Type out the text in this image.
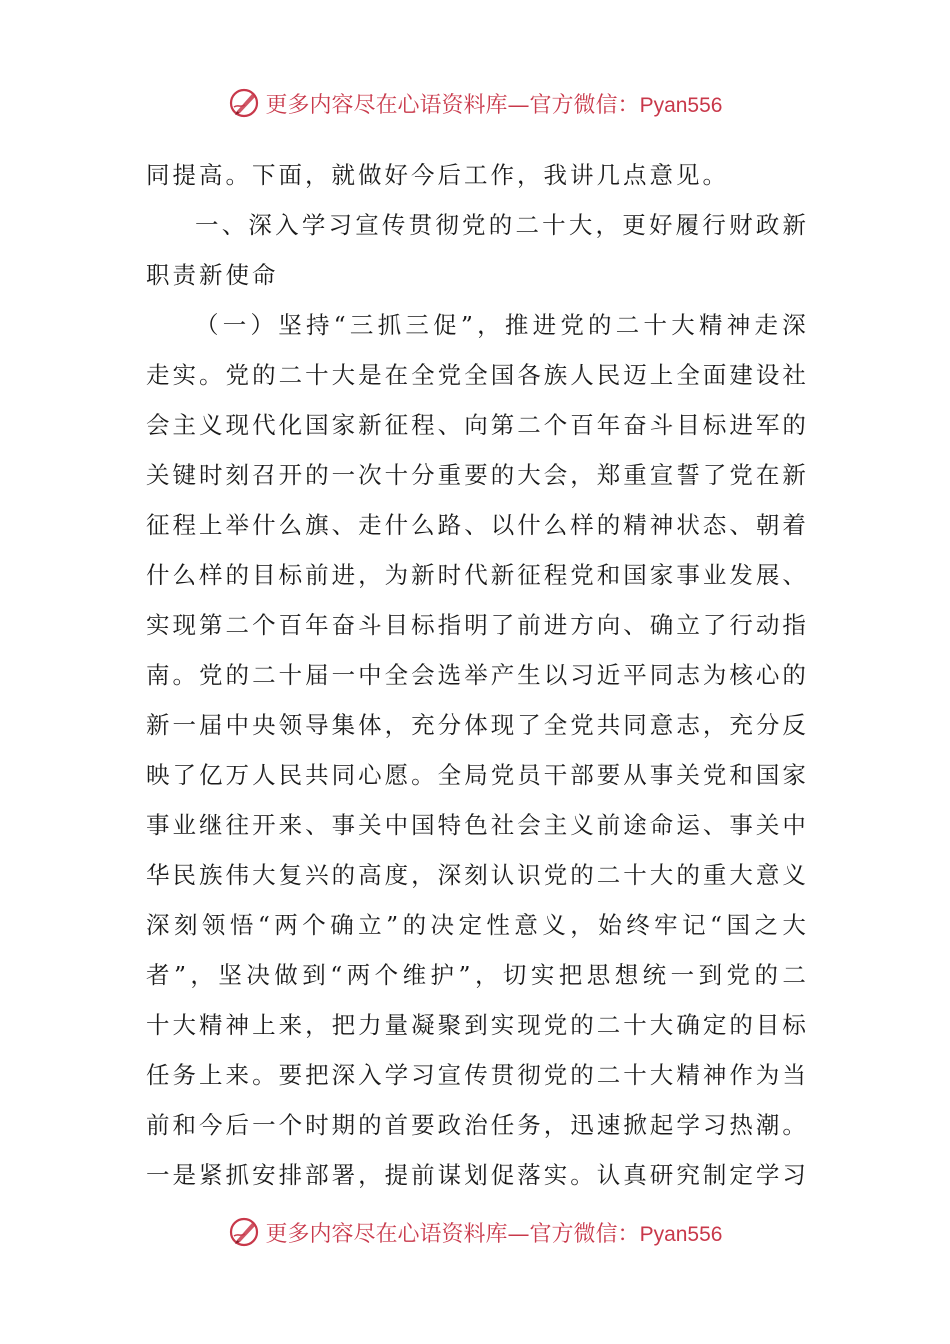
更多内容尽在心语资料库—官方微信：Pyan556
同提高。下面，就做好今后工作，我讲几点意见。
一 、 深 入 学 习 宣 传 贯 彻 党 的 二 十 大 ， 更 好 履 行 财 政 新
职责新使命
（ 一 ） 坚 持 “ 三 抓 三 促 ” ， 推 进 党 的 二 十 大 精 神 走 深
走 实 。 党 的 二 十 大 是 在 全 党 全 国 各 族 人 民 迈 上 全 面 建 设 社
会 主 义 现 代 化 国 家 新 征 程 、 向 第 二 个 百 年 奋 斗 目 标 进 军 的
关 键 时 刻 召 开 的 一 次 十 分 重 要 的 大 会 ， 郑 重 宣 誓 了 党 在 新
征 程 上 举 什 么 旗 、 走 什 么 路 、 以 什 么 样 的 精 神 状 态 、 朝 着
什 么 样 的 目 标 前 进 ， 为 新 时 代 新 征 程 党 和 国 家 事 业 发 展 、
实 现 第 二 个 百 年 奋 斗 目 标 指 明 了 前 进 方 向 、 确 立 了 行 动 指
南 。 党 的 二 十 届 一 中 全 会 选 举 产 生 以 习 近 平 同 志 为 核 心 的
新 一 届 中 央 领 导 集 体 ， 充 分 体 现 了 全 党 共 同 意 志 ， 充 分 反
映 了 亿 万 人 民 共 同 心 愿 。 全 局 党 员 干 部 要 从 事 关 党 和 国 家
事 业 继 往 开 来 、 事 关 中 国 特 色 社 会 主 义 前 途 命 运 、 事 关 中
华 民 族 伟 大 复 兴 的 高 度 ， 深 刻 认 识 党 的 二 十 大 的 重 大 意 义
深 刻 领 悟 “ 两 个 确 立 ” 的 决 定 性 意 义 ， 始 终 牢 记 “ 国 之 大
者 ” ， 坚 决 做 到 “ 两 个 维 护 ” ， 切 实 把 思 想 统 一 到 党 的 二
十 大 精 神 上 来 ， 把 力 量 凝 聚 到 实 现 党 的 二 十 大 确 定 的 目 标
任 务 上 来 。 要 把 深 入 学 习 宣 传 贯 彻 党 的 二 十 大 精 神 作 为 当
前 和 今 后 一 个 时 期 的 首 要 政 治 任 务 ， 迅 速 掀 起 学 习 热 潮 。
一 是 紧 抓 安 排 部 署 ， 提 前 谋 划 促 落 实 。 认 真 研 究 制 定 学 习
更多内容尽在心语资料库—官方微信：Pyan556
